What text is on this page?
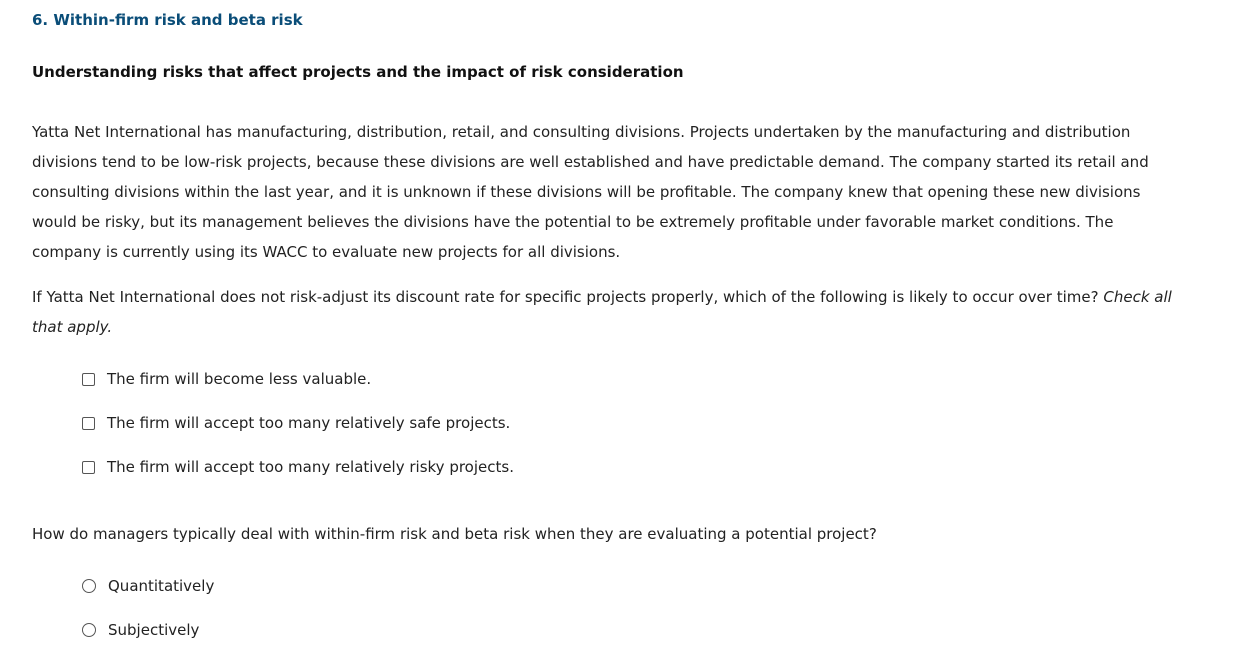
6. Within-firm risk and beta risk
Understanding risks that affect projects and the impact of risk consideration

Yatta Net International has manufacturing, distribution, retail, and consulting divisions. Projects undertaken by the manufacturing and distribution divisions tend to be low-risk projects, because these divisions are well established and have predictable demand. The company started its retail and consulting divisions within the last year, and it is unknown if these divisions will be profitable. The company knew that opening these new divisions would be risky, but its management believes the divisions have the potential to be extremely profitable under favorable market conditions. The company is currently using its WACC to evaluate new projects for all divisions.

If Yatta Net International does not risk-adjust its discount rate for specific projects properly, which of the following is likely to occur over time? Check all that apply.

The firm will become less valuable.
The firm will accept too many relatively safe projects.
The firm will accept too many relatively risky projects.

How do managers typically deal with within-firm risk and beta risk when they are evaluating a potential project?

Quantitatively
Subjectively
